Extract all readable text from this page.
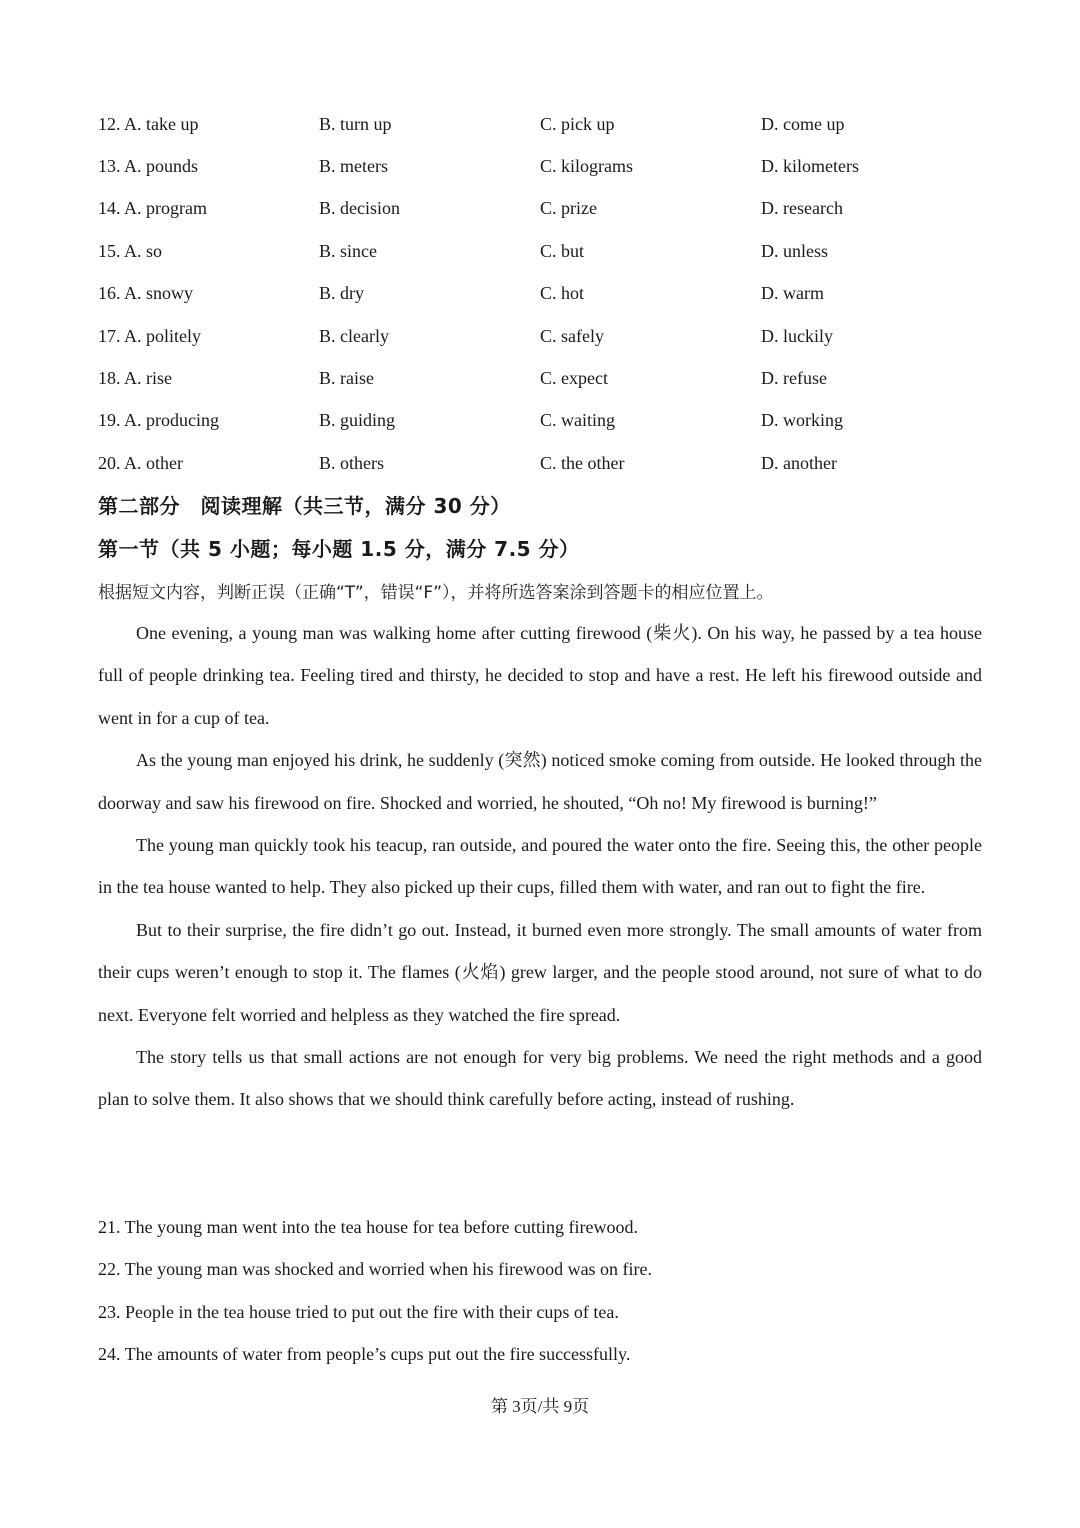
12. A. take up	B. turn up	C. pick up	D. come up
13. A. pounds	B. meters	C. kilograms	D. kilometers
14. A. program	B. decision	C. prize	D. research
15. A. so	B. since	C. but	D. unless
16. A. snowy	B. dry	C. hot	D. warm
17. A. politely	B. clearly	C. safely	D. luckily
18. A. rise	B. raise	C. expect	D. refuse
19. A. producing	B. guiding	C. waiting	D. working
20. A. other	B. others	C. the other	D. another
第二部分　阅读理解（共三节，满分 30 分）
第一节（共 5 小题；每小题 1.5 分，满分 7.5 分）
根据短文内容，判断正误（正确“T”，错误“F”），并将所选答案涂到答题卡的相应位置上。

One evening, a young man was walking home after cutting firewood (柴火). On his way, he passed by a tea house full of people drinking tea. Feeling tired and thirsty, he decided to stop and have a rest. He left his firewood outside and went in for a cup of tea.

As the young man enjoyed his drink, he suddenly (突然) noticed smoke coming from outside. He looked through the doorway and saw his firewood on fire. Shocked and worried, he shouted, “Oh no! My firewood is burning!”

The young man quickly took his teacup, ran outside, and poured the water onto the fire. Seeing this, the other people in the tea house wanted to help. They also picked up their cups, filled them with water, and ran out to fight the fire.

But to their surprise, the fire didn’t go out. Instead, it burned even more strongly. The small amounts of water from their cups weren’t enough to stop it. The flames (火焰) grew larger, and the people stood around, not sure of what to do next. Everyone felt worried and helpless as they watched the fire spread.

The story tells us that small actions are not enough for very big problems. We need the right methods and a good plan to solve them. It also shows that we should think carefully before acting, instead of rushing.

21. The young man went into the tea house for tea before cutting firewood.
22. The young man was shocked and worried when his firewood was on fire.
23. People in the tea house tried to put out the fire with their cups of tea.
24. The amounts of water from people’s cups put out the fire successfully.
第 3页/共 9页
